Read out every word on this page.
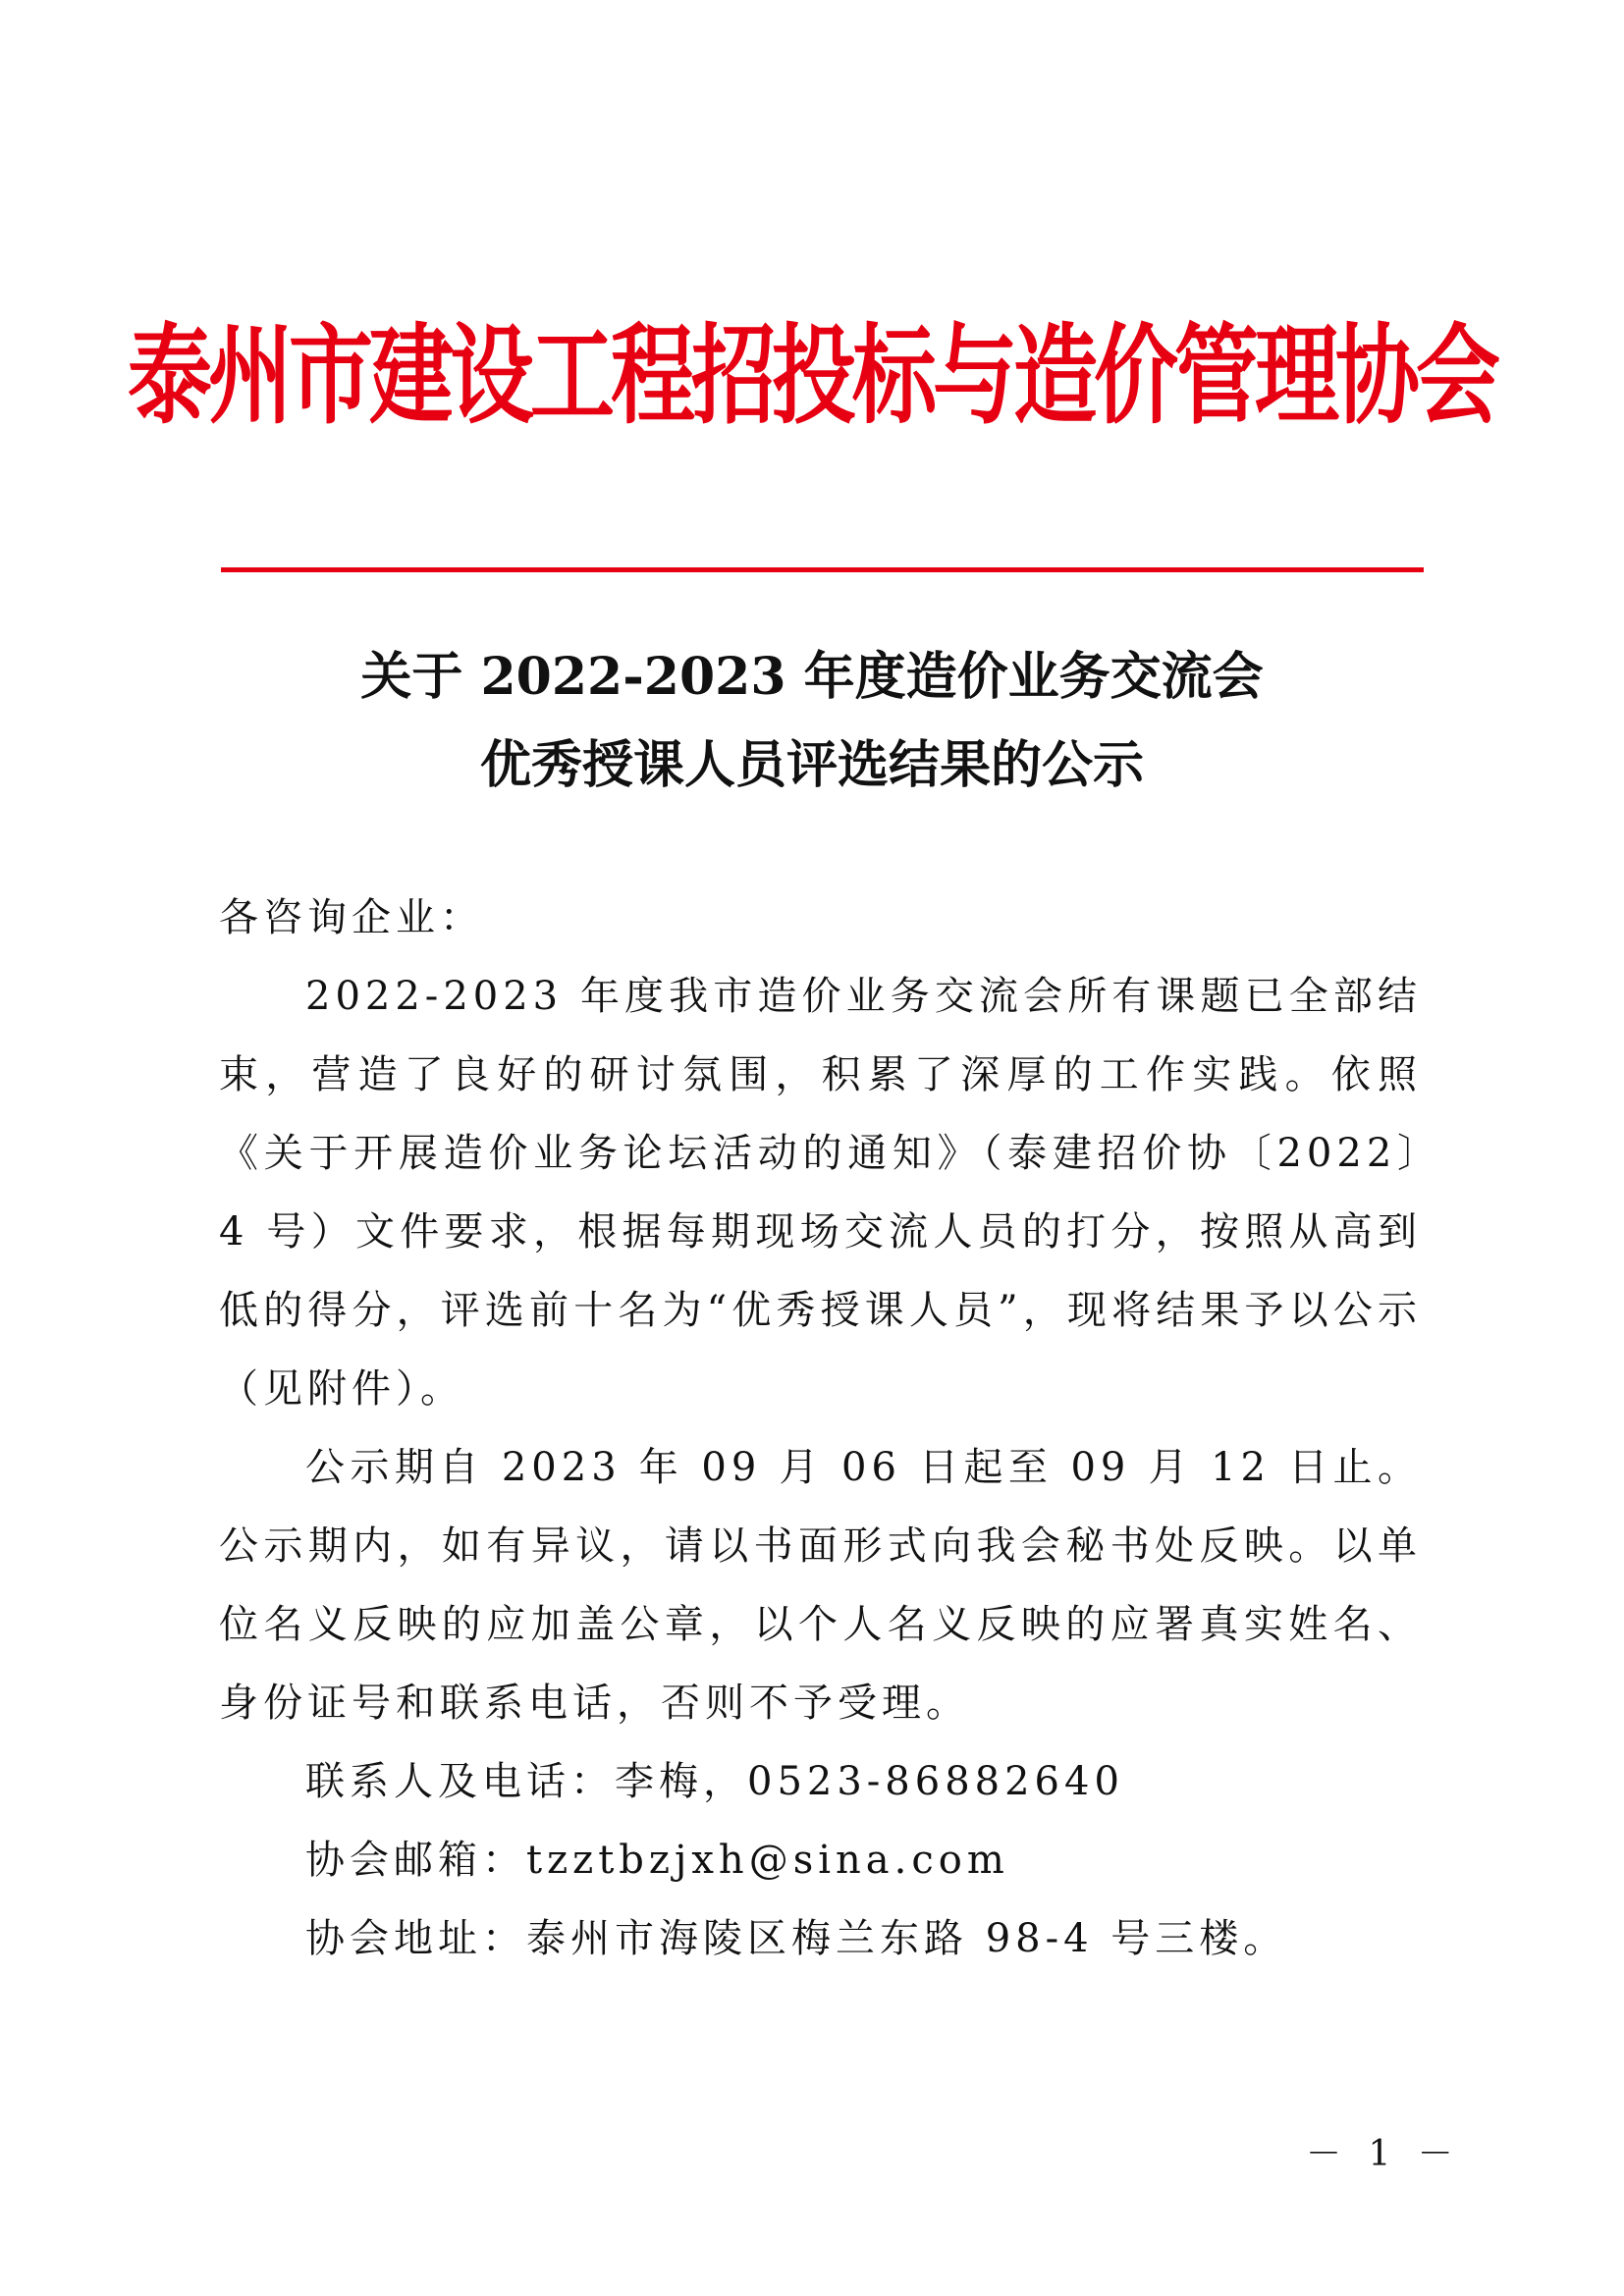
泰州市建设工程招投标与造价管理协会
关于 2022-2023 年度造价业务交流会
优秀授课人员评选结果的公示
各咨询企业：
2022-2023 年度我市造价业务交流会所有课题已全部结束，营造了良好的研讨氛围，积累了深厚的工作实践。依照《关于开展造价业务论坛活动的通知》（泰建招价协〔2022〕4 号）文件要求，根据每期现场交流人员的打分，按照从高到低的得分，评选前十名为“优秀授课人员”，现将结果予以公示（见附件）。
公示期自 2023 年 09 月 06 日起至 09 月 12 日止。公示期内，如有异议，请以书面形式向我会秘书处反映。以单位名义反映的应加盖公章，以个人名义反映的应署真实姓名、身份证号和联系电话，否则不予受理。
联系人及电话：李梅，0523-86882640
协会邮箱：tzztbzjxh@sina.com
协会地址：泰州市海陵区梅兰东路 98-4 号三楼。
－ 1 －
